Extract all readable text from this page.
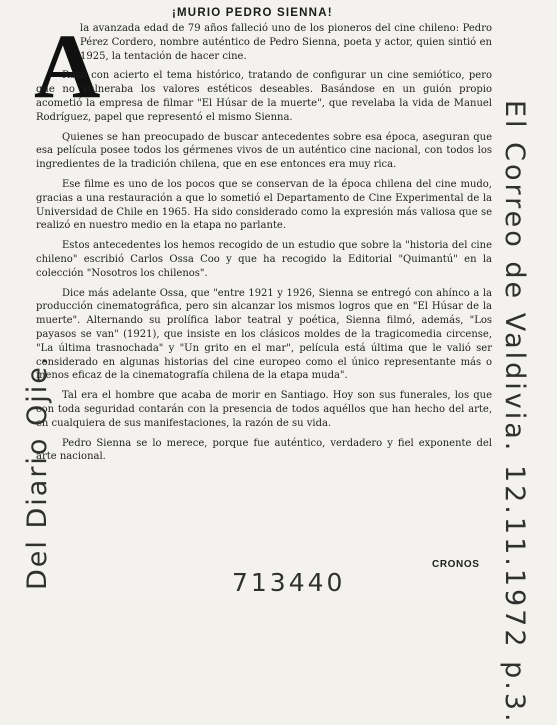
¡MURIO PEDRO SIENNA!
A

la avanzada edad de 79 años falleció uno de los pioneros del cine chileno: Pedro Pérez Cordero, nombre auténtico de Pedro Sienna, poeta y actor, quien sintió en 1925, la tentación de hacer cine.

Rozó con acierto el tema histórico, tratando de configurar un cine semiótico, pero que no vulneraba los valores estéticos deseables. Basándose en un guión propio acometió la empresa de filmar "El Húsar de la muerte", que revelaba la vida de Manuel Rodríguez, papel que representó el mismo Sienna.

Quienes se han preocupado de buscar antecedentes sobre esa época, aseguran que esa película posee todos los gérmenes vivos de un auténtico cine nacional, con todos los ingredientes de la tradición chilena, que en ese entonces era muy rica.

Ese filme es uno de los pocos que se conservan de la época chilena del cine mudo, gracias a una restauración a que lo sometió el Departamento de Cine Experimental de la Universidad de Chile en 1965. Ha sido considerado como la expresión más valiosa que se realizó en nuestro medio en la etapa no parlante.

Estos antecedentes los hemos recogido de un estudio que sobre la "historia del cine chileno" escribió Carlos Ossa Coo y que ha recogido la Editorial "Quimantú" en la colección "Nosotros los chilenos".

Dice más adelante Ossa, que "entre 1921 y 1926, Sienna se entregó con ahínco a la producción cinematográfica, pero sin alcanzar los mismos logros que en "El Húsar de la muerte". Alternando su prolífica labor teatral y poética, Sienna filmó, además, "Los payasos se van" (1921), que insiste en los clásicos moldes de la tragicomedia circense, "La última trasnochada" y "Un grito en el mar", película está última que le valió ser considerado en algunas historias del cine europeo como el único representante más o menos eficaz de la cinematografía chilena de la etapa muda".

Tal era el hombre que acaba de morir en Santiago. Hoy son sus funerales, los que con toda seguridad contarán con la presencia de todos aquéllos que han hecho del arte, en cualquiera de sus manifestaciones, la razón de su vida.

Pedro Sienna se lo merece, porque fue auténtico, verdadero y fiel exponente del arte nacional.

CRONOS
Del Diario Ojie.	El Correo de Valdivia. 12.11.1972 p.3.
713440
